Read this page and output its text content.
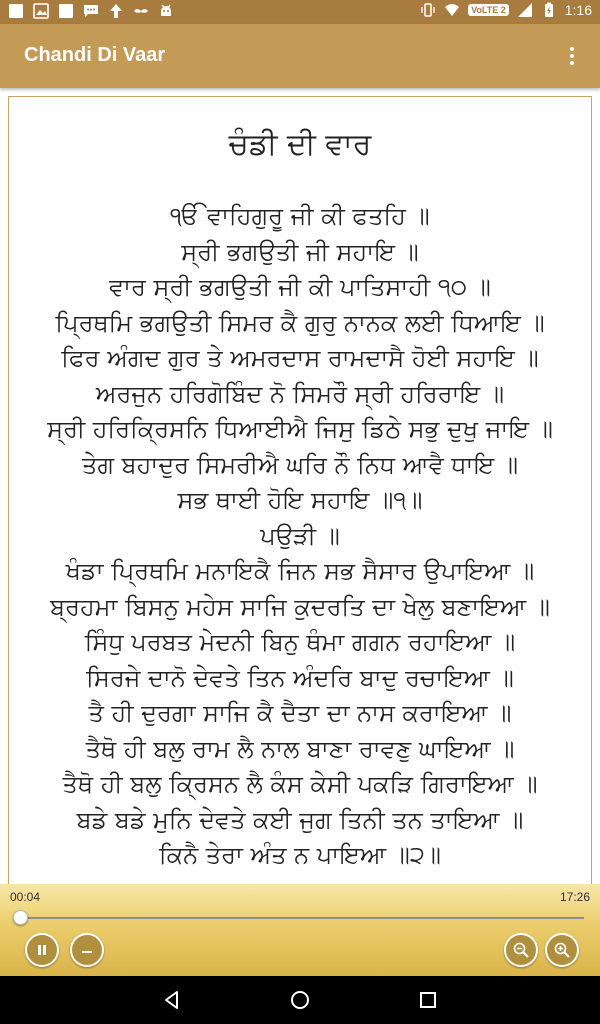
VoLTE 2	1:16
Chandi Di Vaar
ਚੰਡੀ ਦੀ ਵਾਰ
ੴ ਵਾਹਿਗੁਰੂ ਜੀ ਕੀ ਫਤਹਿ ॥
ਸ੍ਰੀ ਭਗਉਤੀ ਜੀ ਸਹਾਇ ॥
ਵਾਰ ਸ੍ਰੀ ਭਗਉਤੀ ਜੀ ਕੀ ਪਾਤਿਸਾਹੀ ੧੦ ॥
ਪ੍ਰਿਥਮਿ ਭਗਉਤੀ ਸਿਮਰ ਕੈ ਗੁਰੁ ਨਾਨਕ ਲਈ ਧਿਆਇ ॥
ਫਿਰ ਅੰਗਦ ਗੁਰ ਤੇ ਅਮਰਦਾਸ ਰਾਮਦਾਸੈ ਹੋਈ ਸਹਾਇ ॥
ਅਰਜੁਨ ਹਰਿਗੋਬਿੰਦ ਨੋ ਸਿਮਰੌ ਸ੍ਰੀ ਹਰਿਰਾਇ ॥
ਸ੍ਰੀ ਹਰਿਕ੍ਰਿਸਨਿ ਧਿਆਈਐ ਜਿਸੁ ਡਿਠੇ ਸਭੁ ਦੁਖੁ ਜਾਇ ॥
ਤੇਗ ਬਹਾਦੁਰ ਸਿਮਰੀਐ ਘਰਿ ਨੌ ਨਿਧ ਆਵੈ ਧਾਇ ॥
ਸਭ ਥਾਈ ਹੋਇ ਸਹਾਇ ॥੧॥
ਪਉੜੀ ॥
ਖੰਡਾ ਪ੍ਰਿਥਮਿ ਮਨਾਇਕੈ ਜਿਨ ਸਭ ਸੈਸਾਰ ਉਪਾਇਆ ॥
ਬ੍ਰਹਮਾ ਬਿਸਨੁ ਮਹੇਸ ਸਾਜਿ ਕੁਦਰਤਿ ਦਾ ਖੇਲੁ ਬਣਾਇਆ ॥
ਸਿੰਧੁ ਪਰਬਤ ਮੇਦਨੀ ਬਿਨੁ ਥੰਮਾ ਗਗਨ ਰਹਾਇਆ ॥
ਸਿਰਜੇ ਦਾਨੋ ਦੇਵਤੇ ਤਿਨ ਅੰਦਰਿ ਬਾਦੁ ਰਚਾਇਆ ॥
ਤੈ ਹੀ ਦੁਰਗਾ ਸਾਜਿ ਕੈ ਦੈਤਾ ਦਾ ਨਾਸ ਕਰਾਇਆ ॥
ਤੈਥੋ ਹੀ ਬਲੁ ਰਾਮ ਲੈ ਨਾਲ ਬਾਣਾ ਰਾਵਣੁ ਘਾਇਆ ॥
ਤੈਥੋ ਹੀ ਬਲੁ ਕ੍ਰਿਸਨ ਲੈ ਕੰਸ ਕੇਸੀ ਪਕੜਿ ਗਿਰਾਇਆ ॥
ਬਡੇ ਬਡੇ ਮੁਨਿ ਦੇਵਤੇ ਕਈ ਜੁਗ ਤਿਨੀ ਤਨ ਤਾਇਆ ॥
ਕਿਨੈ ਤੇਰਾ ਅੰਤ ਨ ਪਾਇਆ ॥੨॥
00:04	17:26
